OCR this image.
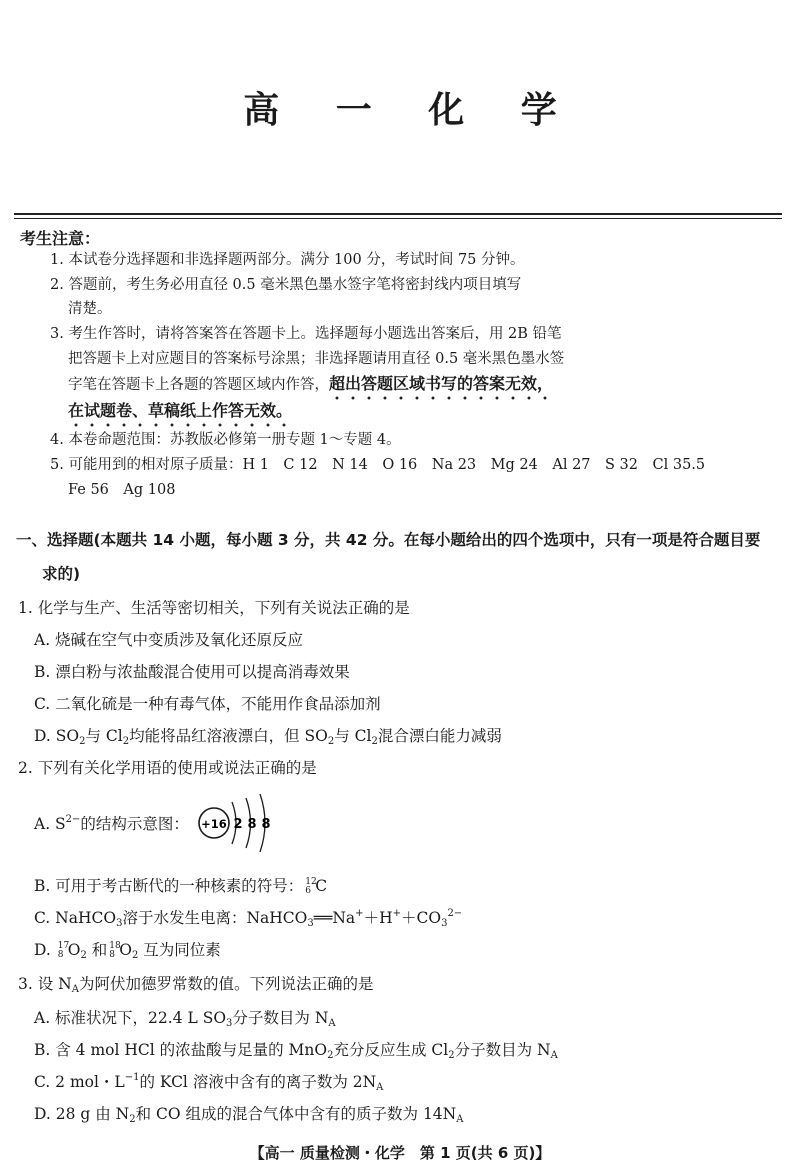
高 一 化 学
考生注意：
1. 本试卷分选择题和非选择题两部分。满分 100 分，考试时间 75 分钟。
2. 答题前，考生务必用直径 0.5 毫米黑色墨水签字笔将密封线内项目填写
清楚。
3. 考生作答时，请将答案答在答题卡上。选择题每小题选出答案后，用 2B 铅笔
把答题卡上对应题目的答案标号涂黑；非选择题请用直径 0.5 毫米黑色墨水签
字笔在答题卡上各题的答题区域内作答，超出答题区域书写的答案无效，
在试题卷、草稿纸上作答无效。
4. 本卷命题范围：苏教版必修第一册专题 1～专题 4。
5. 可能用到的相对原子质量：H 1　C 12　N 14　O 16　Na 23　Mg 24　Al 27　S 32　Cl 35.5
Fe 56　Ag 108
一、选择题(本题共 14 小题，每小题 3 分，共 42 分。在每小题给出的四个选项中，只有一项是符合题目要
求的)
1. 化学与生产、生活等密切相关，下列有关说法正确的是
A. 烧碱在空气中变质涉及氧化还原反应
B. 漂白粉与浓盐酸混合使用可以提高消毒效果
C. 二氧化硫是一种有毒气体，不能用作食品添加剂
D. $SO_2$与 $Cl_2$均能将品红溶液漂白，但 $SO_2$与 $Cl_2$混合漂白能力减弱
2. 下列有关化学用语的使用或说法正确的是
A. $S^{2-}$的结构示意图： +16 2 8 8
B. 可用于考古断代的一种核素的符号： 12
6 C
C. NaHCO$_3$溶于水发生电离：$NaHCO_3══Na^++H^++CO_3^{2-}$
D. 17
8 $O_2$ 和 18
8 $O_2$ 互为同位素
3. 设 $N_A$为阿伏加德罗常数的值。下列说法正确的是
A. 标准状况下，22.4 L $SO_3$分子数目为 $N_A$
B. 含 4 mol HCl 的浓盐酸与足量的 MnO$_2$充分反应生成 $Cl_2$分子数目为 $N_A$
C. 2 mol・$L^{-1}$的 KCl 溶液中含有的离子数为 $2N_A$
D. 28 g 由 $N_2$和 CO 组成的混合气体中含有的质子数为 $14N_A$
【高一 质量检测・化学　第 1 页(共 6 页)】
